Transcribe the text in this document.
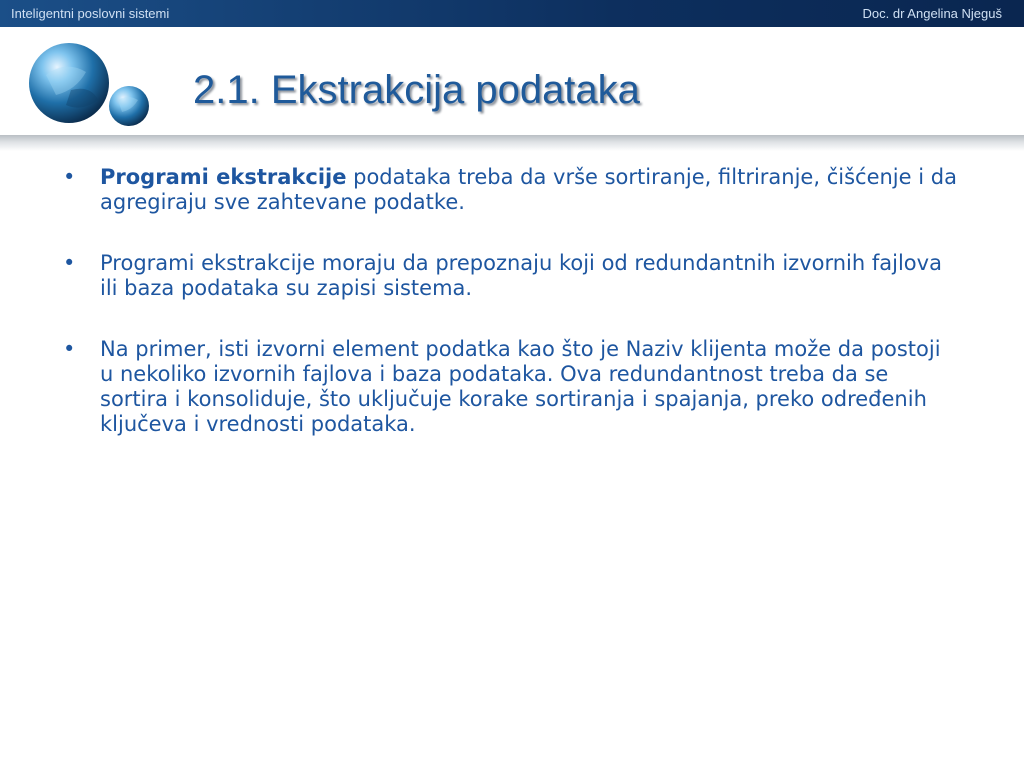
Inteligentni poslovni sistemi	Doc. dr Angelina Njeguš
2.1. Ekstrakcija podataka
• Programi ekstrakcije podataka treba da vrše sortiranje, filtriranje, čišćenje i da agregiraju sve zahtevane podatke.
• Programi ekstrakcije moraju da prepoznaju koji od redundantnih izvornih fajlova ili baza podataka su zapisi sistema.
• Na primer, isti izvorni element podatka kao što je Naziv klijenta može da postoji u nekoliko izvornih fajlova i baza podataka. Ova redundantnost treba da se sortira i konsoliduje, što uključuje korake sortiranja i spajanja, preko određenih ključeva i vrednosti podataka.
